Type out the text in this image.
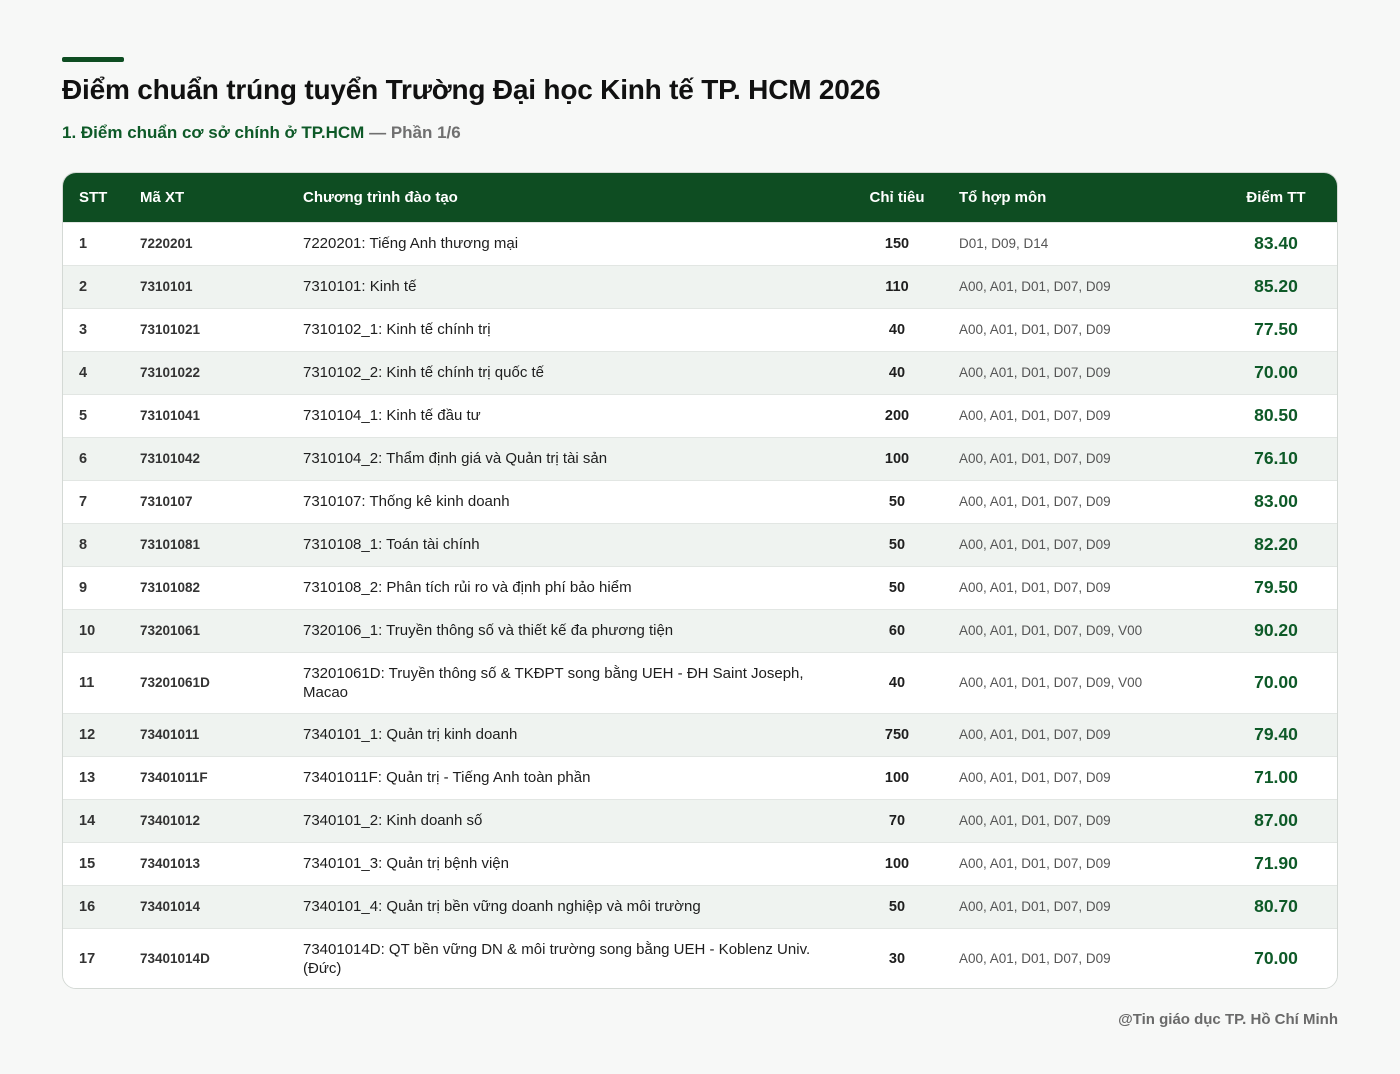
Điểm chuẩn trúng tuyển Trường Đại học Kinh tế TP. HCM 2026
1. Điểm chuẩn cơ sở chính ở TP.HCM — Phần 1/6
STT	Mã XT	Chương trình đào tạo	Chỉ tiêu	Tổ hợp môn	Điểm TT
1	7220201	7220201: Tiếng Anh thương mại	150	D01, D09, D14	83.40
2	7310101	7310101: Kinh tế	110	A00, A01, D01, D07, D09	85.20
3	73101021	7310102_1: Kinh tế chính trị	40	A00, A01, D01, D07, D09	77.50
4	73101022	7310102_2: Kinh tế chính trị quốc tế	40	A00, A01, D01, D07, D09	70.00
5	73101041	7310104_1: Kinh tế đầu tư	200	A00, A01, D01, D07, D09	80.50
6	73101042	7310104_2: Thẩm định giá và Quản trị tài sản	100	A00, A01, D01, D07, D09	76.10
7	7310107	7310107: Thống kê kinh doanh	50	A00, A01, D01, D07, D09	83.00
8	73101081	7310108_1: Toán tài chính	50	A00, A01, D01, D07, D09	82.20
9	73101082	7310108_2: Phân tích rủi ro và định phí bảo hiểm	50	A00, A01, D01, D07, D09	79.50
10	73201061	7320106_1: Truyền thông số và thiết kế đa phương tiện	60	A00, A01, D01, D07, D09, V00	90.20
11	73201061D	73201061D: Truyền thông số & TKĐPT song bằng UEH - ĐH Saint Joseph, Macao	40	A00, A01, D01, D07, D09, V00	70.00
12	73401011	7340101_1: Quản trị kinh doanh	750	A00, A01, D01, D07, D09	79.40
13	73401011F	73401011F: Quản trị - Tiếng Anh toàn phần	100	A00, A01, D01, D07, D09	71.00
14	73401012	7340101_2: Kinh doanh số	70	A00, A01, D01, D07, D09	87.00
15	73401013	7340101_3: Quản trị bệnh viện	100	A00, A01, D01, D07, D09	71.90
16	73401014	7340101_4: Quản trị bền vững doanh nghiệp và môi trường	50	A00, A01, D01, D07, D09	80.70
17	73401014D	73401014D: QT bền vững DN & môi trường song bằng UEH - Koblenz Univ. (Đức)	30	A00, A01, D01, D07, D09	70.00
@Tin giáo dục TP. Hồ Chí Minh
